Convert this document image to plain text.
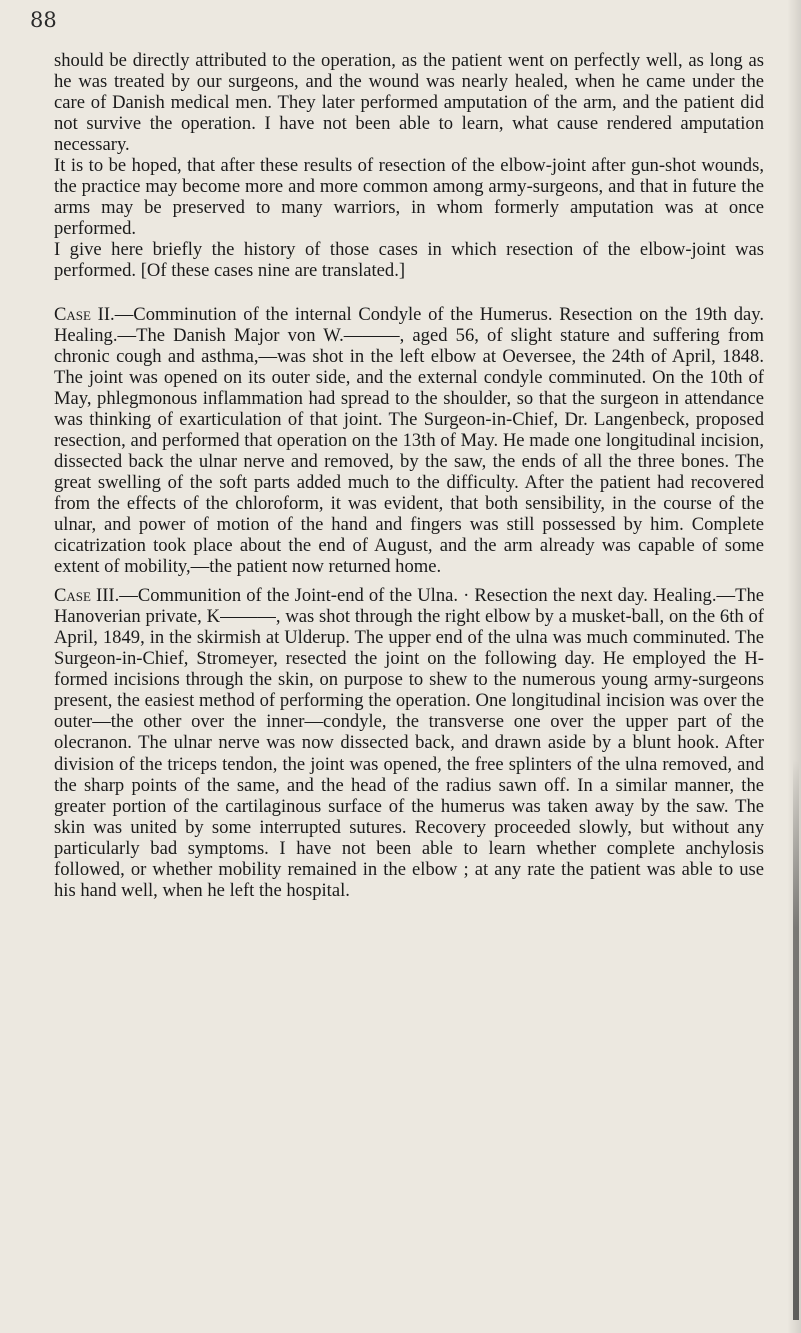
88

should be directly attributed to the operation, as the patient went on perfectly well, as long as he was treated by our surgeons, and the wound was nearly healed, when he came under the care of Danish medical men. They later performed amputation of the arm, and the patient did not survive the operation. I have not been able to learn, what cause rendered amputation necessary.

It is to be hoped, that after these results of resection of the elbow-joint after gun-shot wounds, the practice may become more and more common among army-surgeons, and that in future the arms may be preserved to many warriors, in whom formerly amputation was at once performed.

I give here briefly the history of those cases in which resection of the elbow-joint was performed. [Of these cases nine are translated.]

Case II.—Comminution of the internal Condyle of the Humerus. Resection on the 19th day. Healing.—The Danish Major von W.———, aged 56, of slight stature and suffering from chronic cough and asthma,—was shot in the left elbow at Oeversee, the 24th of April, 1848. The joint was opened on its outer side, and the external condyle comminuted. On the 10th of May, phlegmonous inflammation had spread to the shoulder, so that the surgeon in attendance was thinking of exarticulation of that joint. The Surgeon-in-Chief, Dr. Langenbeck, proposed resection, and performed that operation on the 13th of May. He made one longitudinal incision, dissected back the ulnar nerve and removed, by the saw, the ends of all the three bones. The great swelling of the soft parts added much to the difficulty. After the patient had recovered from the effects of the chloroform, it was evident, that both sensibility, in the course of the ulnar, and power of motion of the hand and fingers was still possessed by him. Complete cicatrization took place about the end of August, and the arm already was capable of some extent of mobility,—the patient now returned home.

Case III.—Communition of the Joint-end of the Ulna. · Resection the next day. Healing.—The Hanoverian private, K———, was shot through the right elbow by a musket-ball, on the 6th of April, 1849, in the skirmish at Ulderup. The upper end of the ulna was much comminuted. The Surgeon-in-Chief, Stromeyer, resected the joint on the following day. He employed the H-formed incisions through the skin, on purpose to shew to the numerous young army-surgeons present, the easiest method of performing the operation. One longitudinal incision was over the outer—the other over the inner—condyle, the transverse one over the upper part of the olecranon. The ulnar nerve was now dissected back, and drawn aside by a blunt hook. After division of the triceps tendon, the joint was opened, the free splinters of the ulna removed, and the sharp points of the same, and the head of the radius sawn off. In a similar manner, the greater portion of the cartilaginous surface of the humerus was taken away by the saw. The skin was united by some interrupted sutures. Recovery proceeded slowly, but without any particularly bad symptoms. I have not been able to learn whether complete anchylosis followed, or whether mobility remained in the elbow ; at any rate the patient was able to use his hand well, when he left the hospital.
